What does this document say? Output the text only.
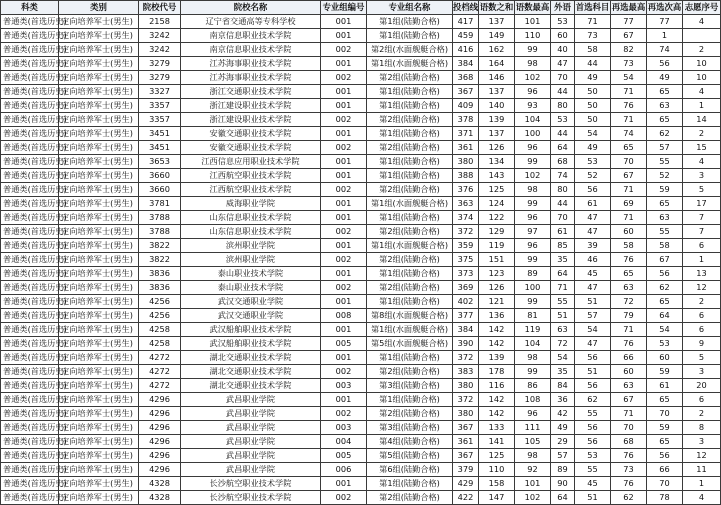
科类	类别	院校代号	院校名称	专业组编号	专业组名称	投档线	语数之和	语数最高	外语	首选科目	再选最高	再选次高	志愿序号
普通类(首选历史)	定向培养军士(男生)	2158	辽宁省交通高等专科学校	001	第1组(陆勤合格)	417	137	101	53	71	77	77	4
普通类(首选历史)	定向培养军士(男生)	3242	南京信息职业技术学院	001	第1组(陆勤合格)	459	149	110	60	73	67	1	
普通类(首选历史)	定向培养军士(男生)	3242	南京信息职业技术学院	002	第2组(水面舰艇合格)	416	162	99	40	58	82	74	2
普通类(首选历史)	定向培养军士(男生)	3279	江苏海事职业技术学院	001	第1组(水面舰艇合格)	384	164	98	47	44	73	56	10
普通类(首选历史)	定向培养军士(男生)	3279	江苏海事职业技术学院	002	第2组(陆勤合格)	368	146	102	70	49	54	49	10
普通类(首选历史)	定向培养军士(男生)	3327	浙江交通职业技术学院	001	第1组(陆勤合格)	367	137	96	44	50	71	65	4
普通类(首选历史)	定向培养军士(男生)	3357	浙江建设职业技术学院	001	第1组(陆勤合格)	409	140	93	80	50	76	63	1
普通类(首选历史)	定向培养军士(男生)	3357	浙江建设职业技术学院	002	第2组(陆勤合格)	378	139	104	53	50	71	65	14
普通类(首选历史)	定向培养军士(男生)	3451	安徽交通职业技术学院	001	第1组(陆勤合格)	371	137	100	44	54	74	62	2
普通类(首选历史)	定向培养军士(男生)	3451	安徽交通职业技术学院	002	第2组(陆勤合格)	361	126	96	64	49	65	57	15
普通类(首选历史)	定向培养军士(男生)	3653	江西信息应用职业技术学院	001	第1组(陆勤合格)	380	134	99	68	53	70	55	4
普通类(首选历史)	定向培养军士(男生)	3660	江西航空职业技术学院	001	第1组(陆勤合格)	388	143	102	74	52	67	52	3
普通类(首选历史)	定向培养军士(男生)	3660	江西航空职业技术学院	002	第2组(陆勤合格)	376	125	98	80	56	71	59	5
普通类(首选历史)	定向培养军士(男生)	3781	威海职业学院	001	第1组(水面舰艇合格)	363	124	99	44	61	69	65	17
普通类(首选历史)	定向培养军士(男生)	3788	山东信息职业技术学院	001	第1组(陆勤合格)	374	122	96	70	47	71	63	7
普通类(首选历史)	定向培养军士(男生)	3788	山东信息职业技术学院	002	第2组(陆勤合格)	372	129	97	61	47	60	55	7
普通类(首选历史)	定向培养军士(男生)	3822	滨州职业学院	001	第1组(水面舰艇合格)	359	119	96	85	39	58	58	6
普通类(首选历史)	定向培养军士(男生)	3822	滨州职业学院	002	第2组(陆勤合格)	375	151	99	35	46	76	67	1
普通类(首选历史)	定向培养军士(男生)	3836	泰山职业技术学院	001	第1组(陆勤合格)	373	123	89	64	45	65	56	13
普通类(首选历史)	定向培养军士(男生)	3836	泰山职业技术学院	002	第2组(陆勤合格)	369	126	100	71	47	63	62	12
普通类(首选历史)	定向培养军士(男生)	4256	武汉交通职业学院	001	第1组(陆勤合格)	402	121	99	55	51	72	65	2
普通类(首选历史)	定向培养军士(男生)	4256	武汉交通职业学院	008	第8组(水面舰艇合格)	377	136	81	51	57	79	64	6
普通类(首选历史)	定向培养军士(男生)	4258	武汉船舶职业技术学院	001	第1组(水面舰艇合格)	384	142	119	63	54	71	54	6
普通类(首选历史)	定向培养军士(男生)	4258	武汉船舶职业技术学院	005	第5组(水面舰艇合格)	390	142	104	72	47	76	53	9
普通类(首选历史)	定向培养军士(男生)	4272	湖北交通职业技术学院	001	第1组(陆勤合格)	372	139	98	54	56	66	60	5
普通类(首选历史)	定向培养军士(男生)	4272	湖北交通职业技术学院	002	第2组(陆勤合格)	383	178	99	35	51	60	59	3
普通类(首选历史)	定向培养军士(男生)	4272	湖北交通职业技术学院	003	第3组(陆勤合格)	380	116	86	84	56	63	61	20
普通类(首选历史)	定向培养军士(男生)	4296	武昌职业学院	001	第1组(陆勤合格)	372	142	108	36	62	67	65	6
普通类(首选历史)	定向培养军士(男生)	4296	武昌职业学院	002	第2组(陆勤合格)	380	142	96	42	55	71	70	2
普通类(首选历史)	定向培养军士(男生)	4296	武昌职业学院	003	第3组(陆勤合格)	367	133	111	49	56	70	59	8
普通类(首选历史)	定向培养军士(男生)	4296	武昌职业学院	004	第4组(陆勤合格)	361	141	105	29	56	68	65	3
普通类(首选历史)	定向培养军士(男生)	4296	武昌职业学院	005	第5组(陆勤合格)	367	125	98	57	53	76	56	12
普通类(首选历史)	定向培养军士(男生)	4296	武昌职业学院	006	第6组(陆勤合格)	379	110	92	89	55	73	66	11
普通类(首选历史)	定向培养军士(男生)	4328	长沙航空职业技术学院	001	第1组(陆勤合格)	429	158	101	90	45	76	70	1
普通类(首选历史)	定向培养军士(男生)	4328	长沙航空职业技术学院	002	第2组(陆勤合格)	422	147	102	64	51	62	78	4
